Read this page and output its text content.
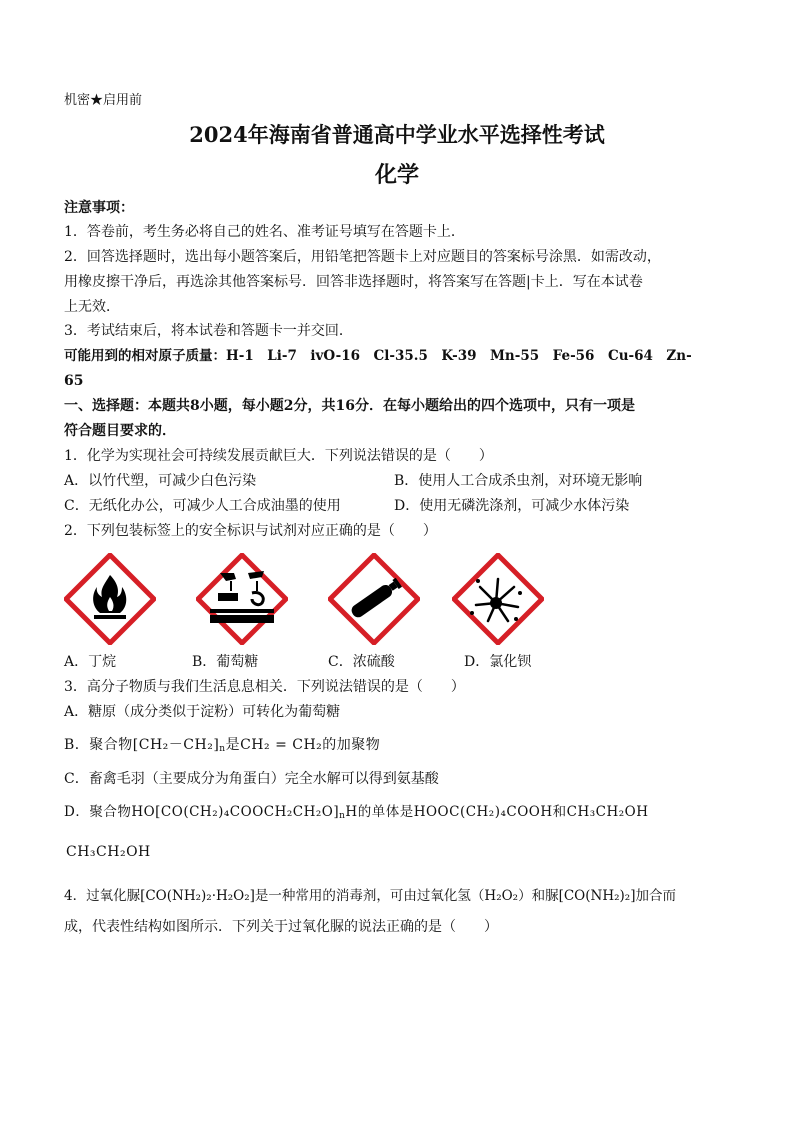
机密★启用前
2024年海南省普通高中学业水平选择性考试
化学
注意事项：
1．答卷前，考生务必将自己的姓名、准考证号填写在答题卡上．
2．回答选择题时，选出每小题答案后，用铅笔把答题卡上对应题目的答案标号涂黑．如需改动，
用橡皮擦干净后，再选涂其他答案标号．回答非选择题时，将答案写在答题|卡上．写在本试卷
上无效．
3．考试结束后，将本试卷和答题卡一并交回．
可能用到的相对原子质量：H-1　Li-7　ivO-16　Cl-35.5　K-39　Mn-55　Fe-56　Cu-64　Zn-
65
一、选择题：本题共8小题，每小题2分，共16分．在每小题给出的四个选项中，只有一项是
符合题目要求的．
1．化学为实现社会可持续发展贡献巨大．下列说法错误的是（　　）
A．以竹代塑，可减少白色污染	B．使用人工合成杀虫剂，对环境无影响
C．无纸化办公，可减少人工合成油墨的使用	D．使用无磷洗涤剂，可减少水体污染
2．下列包装标签上的安全标识与试剂对应正确的是（　　）
A．丁烷	B．葡萄糖	C．浓硫酸	D．氯化钡
3．高分子物质与我们生活息息相关．下列说法错误的是（　　）
A．糖原（成分类似于淀粉）可转化为葡萄糖
B．聚合物[CH₂－CH₂]n是CH₂ = CH₂的加聚物
C．畜禽毛羽（主要成分为角蛋白）完全水解可以得到氨基酸
D．聚合物HO[CO(CH₂)₄COOCH₂CH₂O]nH的单体是HOOC(CH₂)₄COOH和CH₃CH₂OH
CH₃CH₂OH
4．过氧化脲[CO(NH₂)₂·H₂O₂]是一种常用的消毒剂，可由过氧化氢（H₂O₂）和脲[CO(NH₂)₂]加合而
成，代表性结构如图所示．下列关于过氧化脲的说法正确的是（　　）
